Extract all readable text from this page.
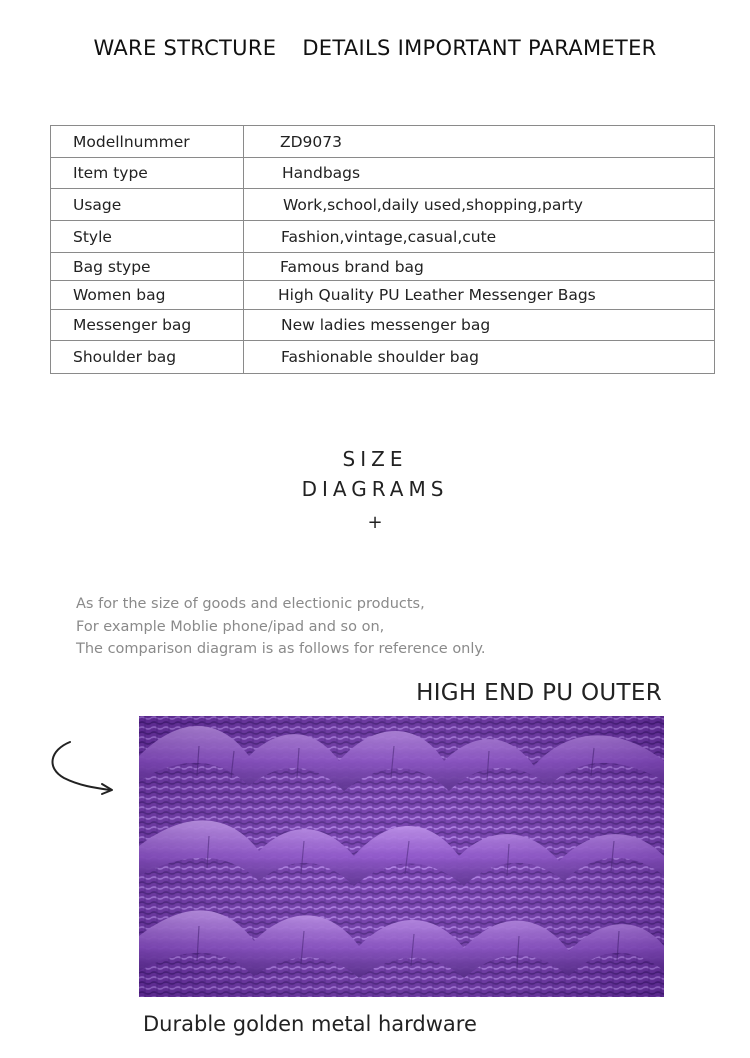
WARE STRCTURE DETAILS IMPORTANT PARAMETER
Modellnummer	ZD9073
Item type	Handbags
Usage	Work,school,daily used,shopping,party
Style	Fashion,vintage,casual,cute
Bag stype	Famous brand bag
Women bag	High Quality PU Leather Messenger Bags
Messenger bag	New ladies messenger bag
Shoulder bag	Fashionable shoulder bag
SIZE
DIAGRAMS
+
As for the size of goods and electionic products,
For example Moblie phone/ipad and so on,
The comparison diagram is as follows for reference only.
HIGH END PU OUTER
Durable golden metal hardware
